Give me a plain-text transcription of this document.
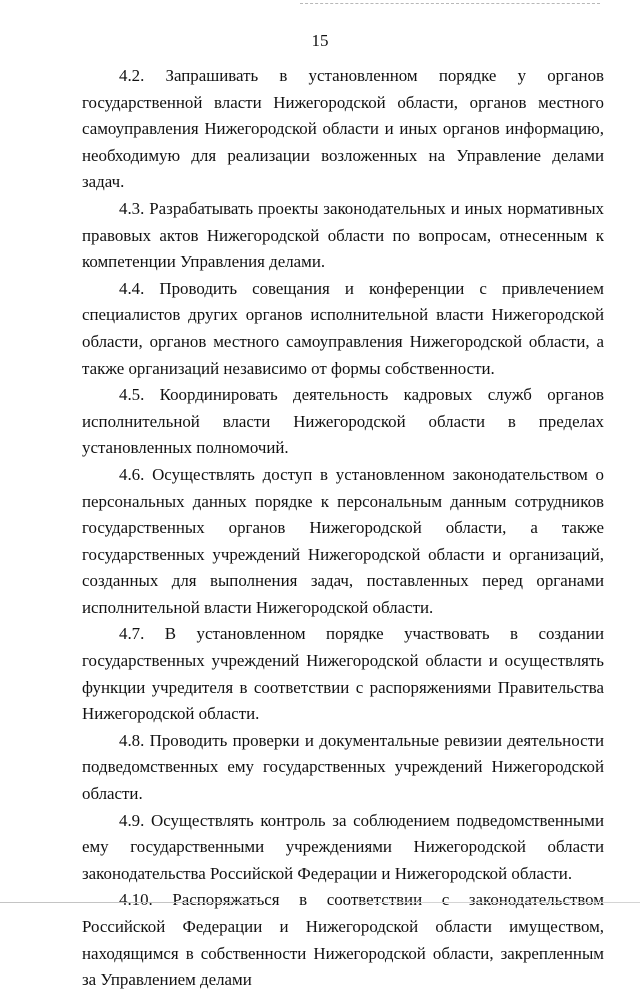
15

4.2. Запрашивать в установленном порядке у органов государственной власти Нижегородской области, органов местного самоуправления Нижегородской области и иных органов информацию, необходимую для реализации возложенных на Управление делами задач.

4.3. Разрабатывать проекты законодательных и иных нормативных правовых актов Нижегородской области по вопросам, отнесенным к компетенции Управления делами.

4.4. Проводить совещания и конференции с привлечением специалистов других органов исполнительной власти Нижегородской области, органов местного самоуправления Нижегородской области, а также организаций независимо от формы собственности.

4.5. Координировать деятельность кадровых служб органов исполнительной власти Нижегородской области в пределах установленных полномочий.

4.6. Осуществлять доступ в установленном законодательством о персональных данных порядке к персональным данным сотрудников государственных органов Нижегородской области, а также государственных учреждений Нижегородской области и организаций, созданных для выполнения задач, поставленных перед органами исполнительной власти Нижегородской области.

4.7. В установленном порядке участвовать в создании государственных учреждений Нижегородской области и осуществлять функции учредителя в соответствии с распоряжениями Правительства Нижегородской области.

4.8. Проводить проверки и документальные ревизии деятельности подведомственных ему государственных учреждений Нижегородской области.

4.9. Осуществлять контроль за соблюдением подведомственными ему государственными учреждениями Нижегородской области законодательства Российской Федерации и Нижегородской области.

4.10. Распоряжаться в соответствии с законодательством Российской Федерации и Нижегородской области имуществом, находящимся в собственности Нижегородской области, закрепленным за Управлением делами
